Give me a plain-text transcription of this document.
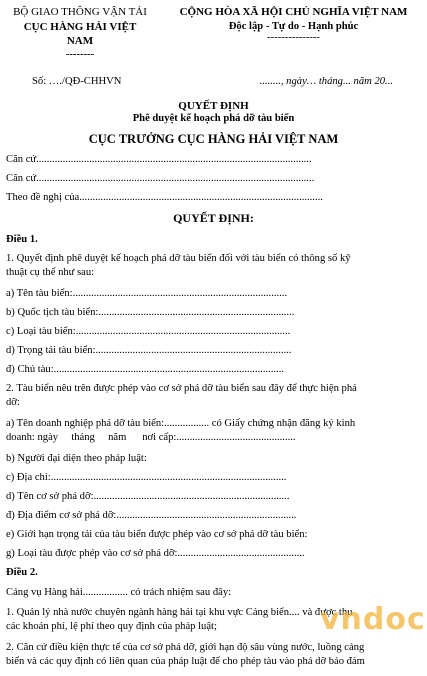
BỘ GIAO THÔNG VẬN TẢI
CỤC HÀNG HẢI VIỆT
NAM
--------
CỘNG HÒA XÃ HỘI CHỦ NGHĨA VIỆT NAM
Độc lập - Tự do - Hạnh phúc
---------------
Số: …./QĐ-CHHVN	........, ngày… tháng... năm 20...
QUYẾT ĐỊNH
Phê duyệt kế hoạch phá dỡ tàu biển
CỤC TRƯỞNG CỤC HÀNG HẢI VIỆT NAM
Căn cứ........................................................................................................
Căn cứ.........................................................................................................
Theo đề nghị của............................................................................................
QUYẾT ĐỊNH:
Điều 1.
1. Quyết định phê duyệt kế hoạch phá dỡ tàu biển đối với tàu biển có thông số kỹ
thuật cụ thể như sau:
a) Tên tàu biển:.................................................................................
b) Quốc tịch tàu biển:..........................................................................
c) Loại tàu biển:.................................................................................
d) Trọng tải tàu biển:..........................................................................
đ) Chủ tàu:.......................................................................................
2. Tàu biển nêu trên được phép vào cơ sở phá dỡ tàu biển sau đây để thực hiện phá
dỡ:
a) Tên doanh nghiệp phá dỡ tàu biển:................. có Giấy chứng nhận đăng ký kinh
doanh: ngày     tháng     năm      nơi cấp:.............................................
b) Người đại diện theo pháp luật:
c) Địa chỉ:.........................................................................................
d) Tên cơ sở phá dỡ:..........................................................................
đ) Địa điểm cơ sở phá dỡ:....................................................................
e) Giới hạn trọng tải của tàu biển được phép vào cơ sở phá dỡ tàu biển:
g) Loại tàu được phép vào cơ sở phá dỡ:................................................
Điều 2.
Cảng vụ Hàng hải................. có trách nhiệm sau đây:
1. Quản lý nhà nước chuyên ngành hàng hải tại khu vực Cảng biển.... và được thu
các khoản phí, lệ phí theo quy định của pháp luật;
2. Căn cứ điều kiện thực tế của cơ sở phá dỡ, giới hạn độ sâu vùng nước, luồng cảng
biển và các quy định có liên quan của pháp luật để cho phép tàu vào phá dỡ bảo đảm
vndoc
